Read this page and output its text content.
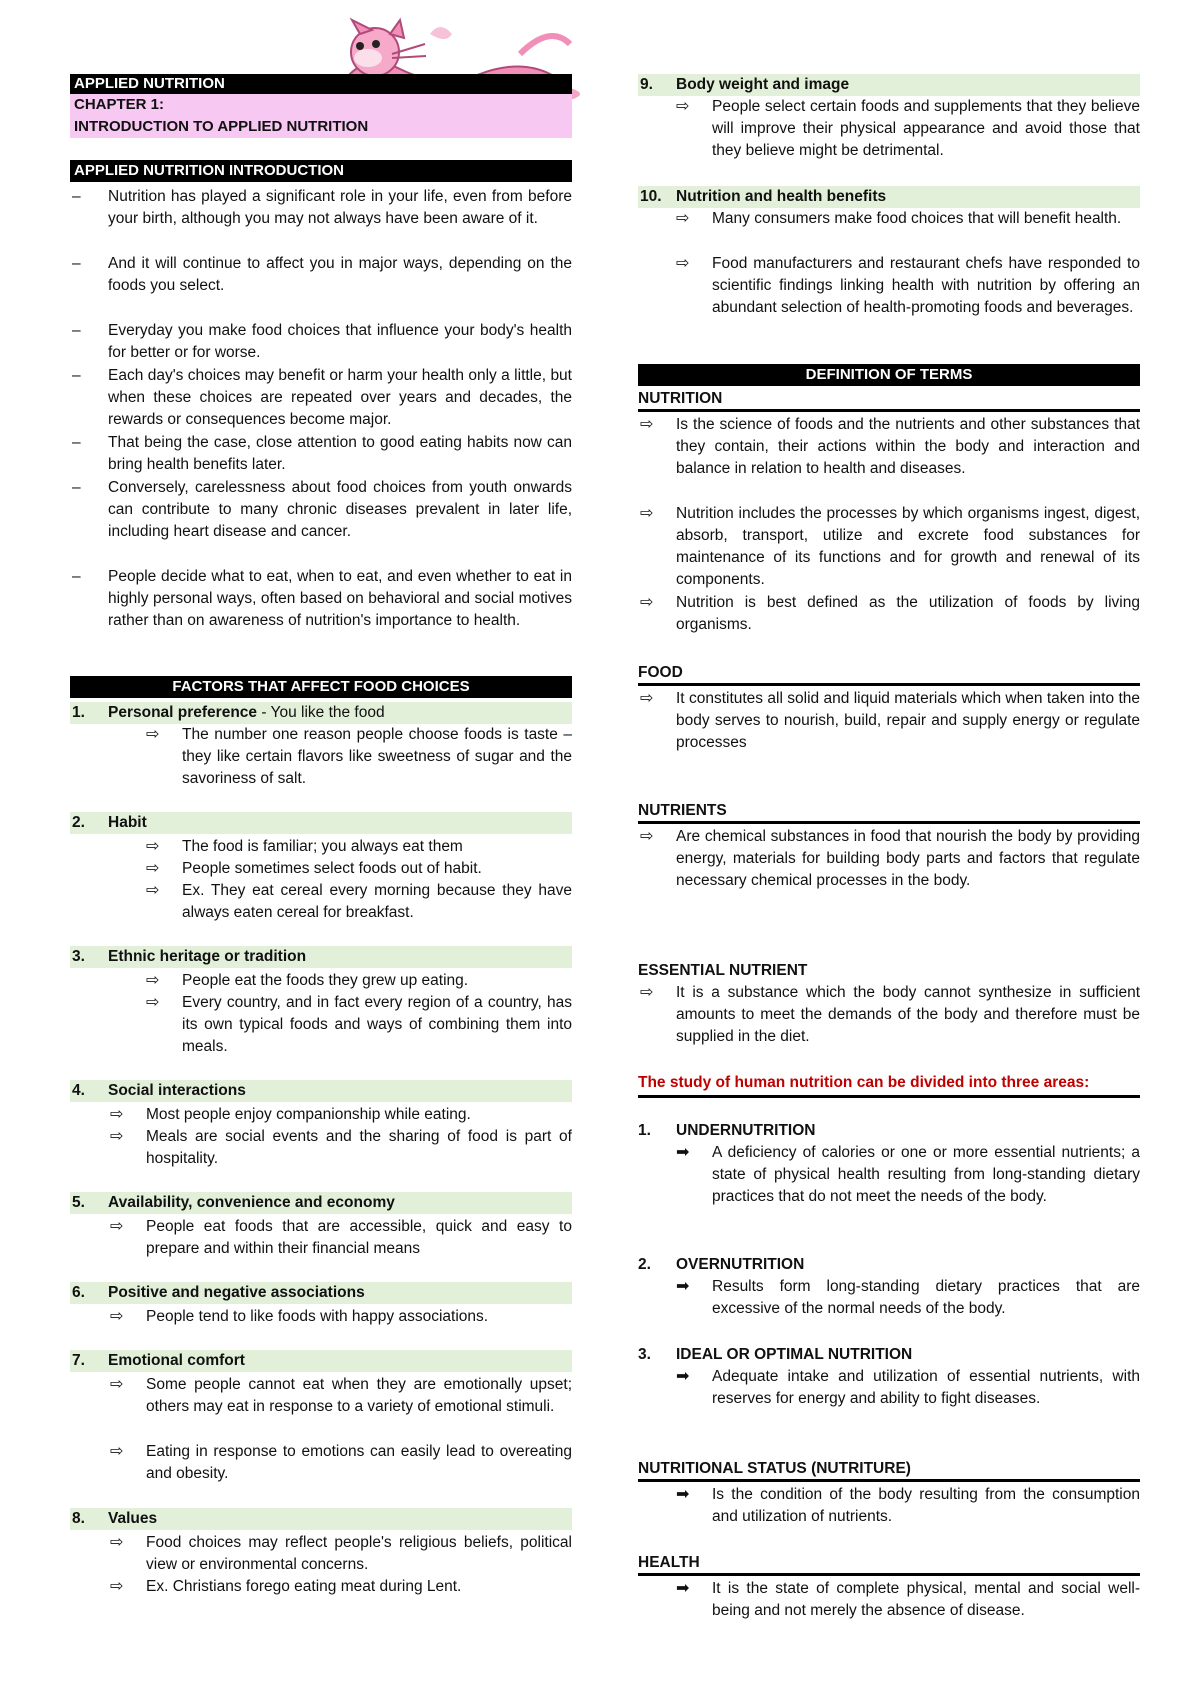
APPLIED NUTRITION
CHAPTER 1:
INTRODUCTION TO APPLIED NUTRITION
APPLIED NUTRITION INTRODUCTION
–	Nutrition has played a significant role in your life, even from before your birth, although you may not always have been aware of it.
–	And it will continue to affect you in major ways, depending on the foods you select.
–	Everyday you make food choices that influence your body's health for better or for worse.
–	Each day's choices may benefit or harm your health only a little, but when these choices are repeated over years and decades, the rewards or consequences become major.
–	That being the case, close attention to good eating habits now can bring health benefits later.
–	Conversely, carelessness about food choices from youth onwards can contribute to many chronic diseases prevalent in later life, including heart disease and cancer.
–	People decide what to eat, when to eat, and even whether to eat in highly personal ways, often based on behavioral and social motives rather than on awareness of nutrition's importance to health.
FACTORS THAT AFFECT FOOD CHOICES
1.	Personal preference - You like the food
⇨	The number one reason people choose foods is taste – they like certain flavors like sweetness of sugar and the savoriness of salt.
2.	Habit
⇨	The food is familiar; you always eat them
⇨	People sometimes select foods out of habit.
⇨	Ex. They eat cereal every morning because they have always eaten cereal for breakfast.
3.	Ethnic heritage or tradition
⇨	People eat the foods they grew up eating.
⇨	Every country, and in fact every region of a country, has its own typical foods and ways of combining them into meals.
4.	Social interactions
⇨	Most people enjoy companionship while eating.
⇨	Meals are social events and the sharing of food is part of hospitality.
5.	Availability, convenience and economy
⇨	People eat foods that are accessible, quick and easy to prepare and within their financial means
6.	Positive and negative associations
⇨	People tend to like foods with happy associations.
7.	Emotional comfort
⇨	Some people cannot eat when they are emotionally upset; others may eat in response to a variety of emotional stimuli.
⇨	Eating in response to emotions can easily lead to overeating and obesity.
8.	Values
⇨	Food choices may reflect people's religious beliefs, political view or environmental concerns.
⇨	Ex. Christians forego eating meat during Lent.
9.	Body weight and image
⇨	People select certain foods and supplements that they believe will improve their physical appearance and avoid those that they believe might be detrimental.
10. Nutrition and health benefits
⇨	Many consumers make food choices that will benefit health.
⇨	Food manufacturers and restaurant chefs have responded to scientific findings linking health with nutrition by offering an abundant selection of health-promoting foods and beverages.
DEFINITION OF TERMS
NUTRITION
⇨	Is the science of foods and the nutrients and other substances that they contain, their actions within the body and interaction and balance in relation to health and diseases.
⇨	Nutrition includes the processes by which organisms ingest, digest, absorb, transport, utilize and excrete food substances for maintenance of its functions and for growth and renewal of its components.
⇨	Nutrition is best defined as the utilization of foods by living organisms.
FOOD
⇨	It constitutes all solid and liquid materials which when taken into the body serves to nourish, build, repair and supply energy or regulate processes
NUTRIENTS
⇨	Are chemical substances in food that nourish the body by providing energy, materials for building body parts and factors that regulate necessary chemical processes in the body.
ESSENTIAL NUTRIENT
⇨	It is a substance which the body cannot synthesize in sufficient amounts to meet the demands of the body and therefore must be supplied in the diet.
The study of human nutrition can be divided into three areas:
1.	UNDERNUTRITION
➡	A deficiency of calories or one or more essential nutrients; a state of physical health resulting from long-standing dietary practices that do not meet the needs of the body.
2.	OVERNUTRITION
➡	Results form long-standing dietary practices that are excessive of the normal needs of the body.
3.	IDEAL OR OPTIMAL NUTRITION
➡	Adequate intake and utilization of essential nutrients, with reserves for energy and ability to fight diseases.
NUTRITIONAL STATUS (NUTRITURE)
➡	Is the condition of the body resulting from the consumption and utilization of nutrients.
HEALTH
➡	It is the state of complete physical, mental and social well-being and not merely the absence of disease.
